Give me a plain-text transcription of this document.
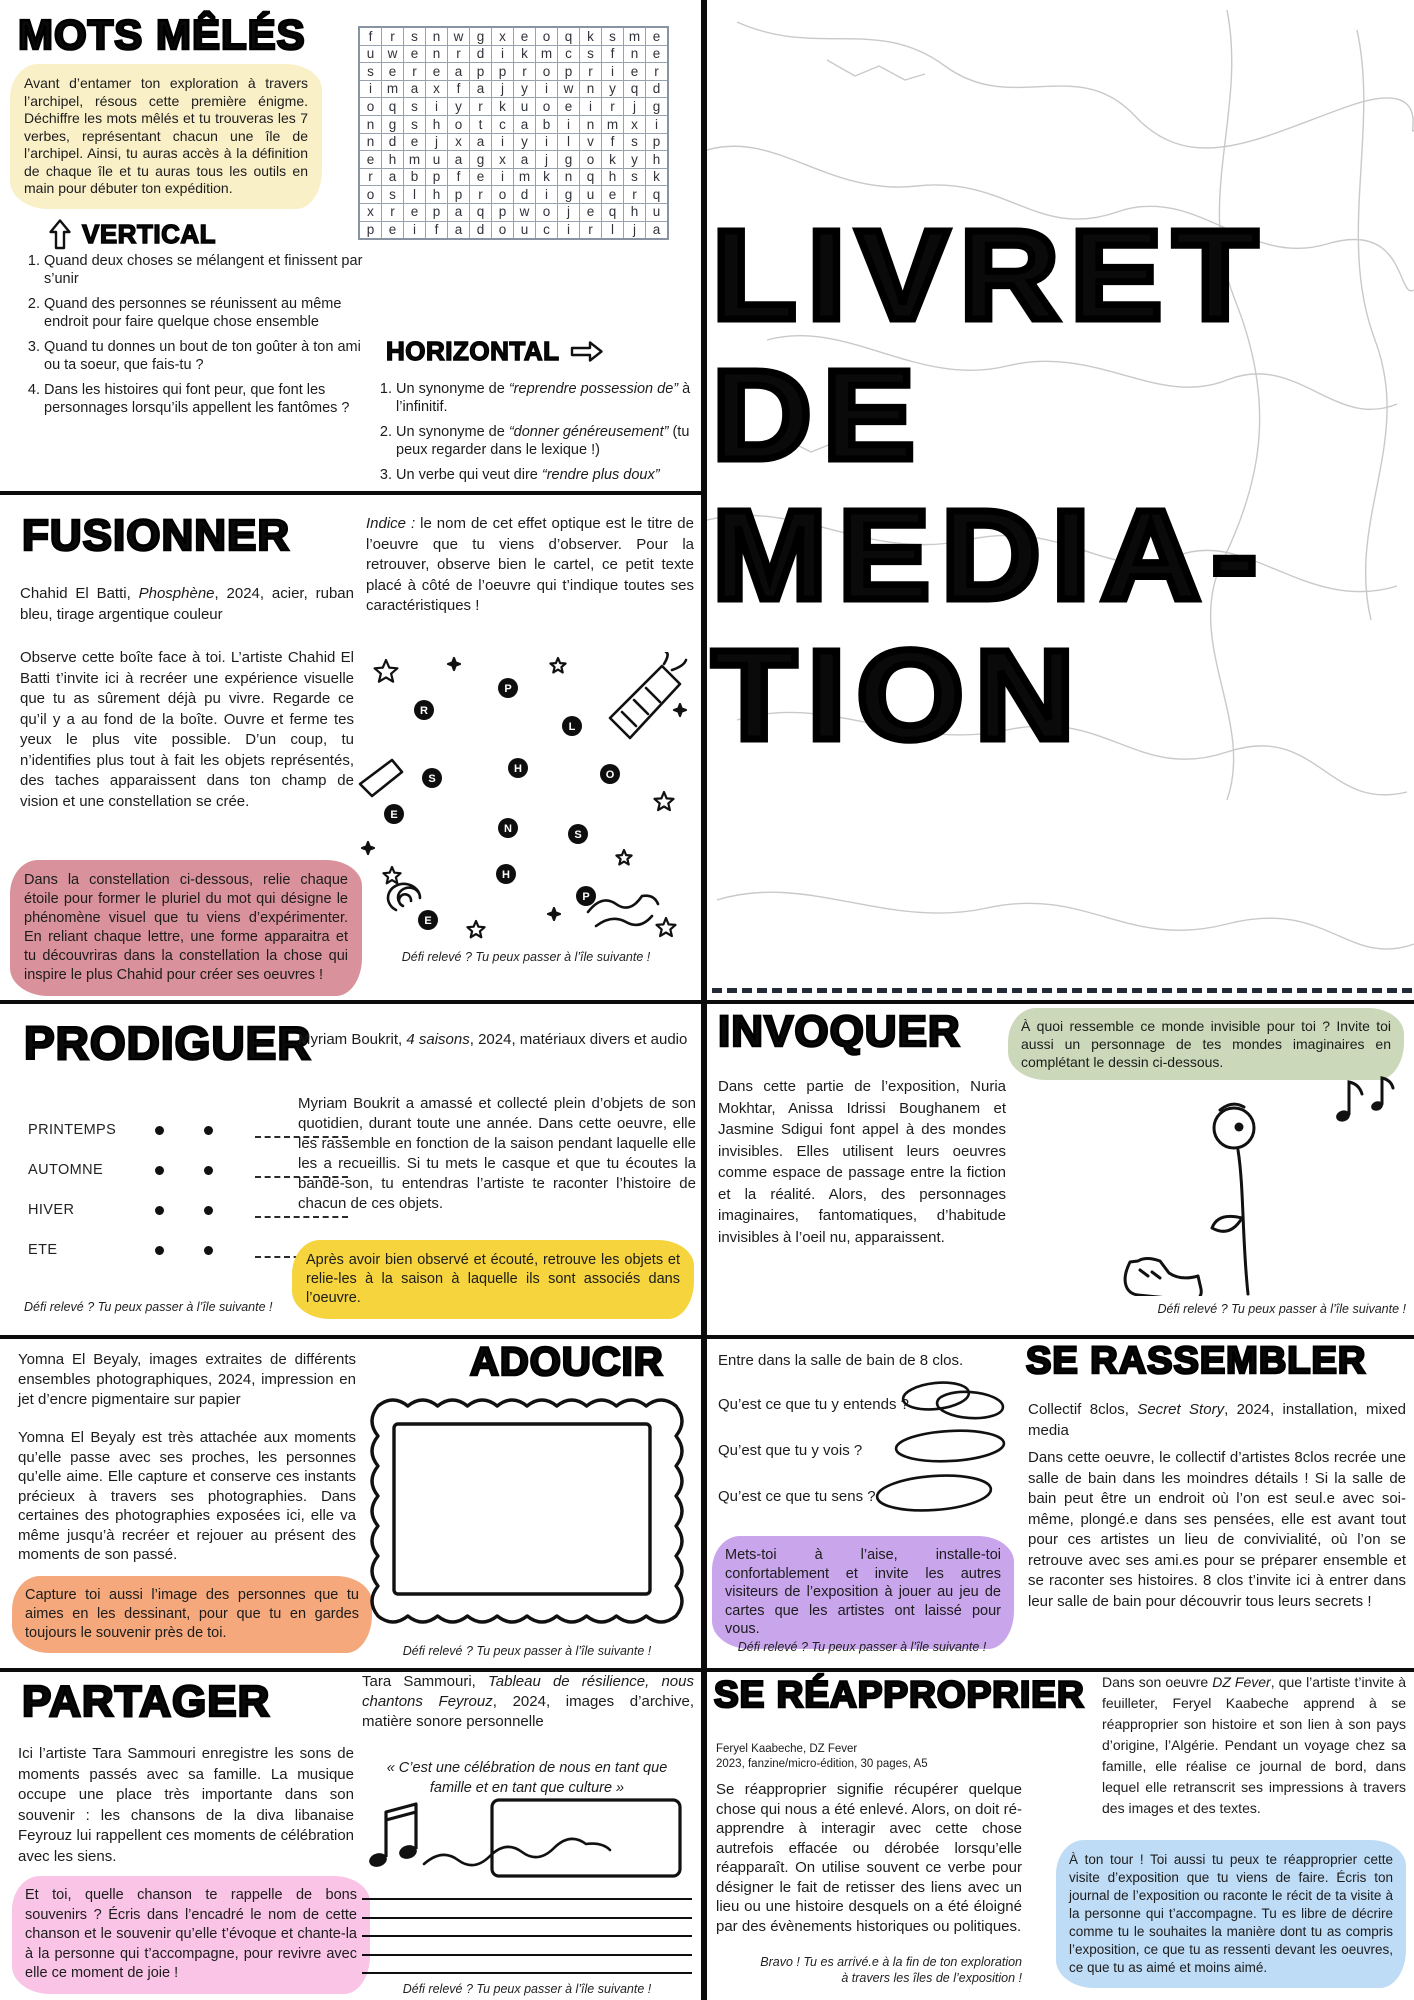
LIVRET
DE
MEDIA-
TION
MOTS MÊLÉS
Avant d’entamer ton exploration à travers l’archipel, résous cette première énigme. Déchiffre les mots mêlés et tu trouveras les 7 verbes, représentant chacun une île de l’archipel. Ainsi, tu auras accès à la définition de chaque île et tu auras tous les outils en main pour débuter ton expédition.
VERTICAL
1. Quand deux choses se mélangent et finissent par s’unir
2. Quand des personnes se réunissent au même endroit pour faire quelque chose ensemble
3. Quand tu donnes un bout de ton goûter à ton ami ou ta soeur, que fais-tu ?
4. Dans les histoires qui font peur, que font les personnages lorsqu’ils appellent les fantômes ?
f	r	s	n	w	g	x	e	o	q	k	s	m	e
u	w	e	n	r	d	i	k	m	c	s	f	n	e
s	e	r	e	a	p	p	r	o	p	r	i	e	r
i	m	a	x	f	a	j	y	i	w	n	y	q	d
o	q	s	i	y	r	k	u	o	e	i	r	j	g
n	g	s	h	o	t	c	a	b	i	n	m	x	i
n	d	e	j	x	a	i	y	i	l	v	f	s	p
e	h	m	u	a	g	x	a	j	g	o	k	y	h
r	a	b	p	f	e	i	m	k	n	q	h	s	k
o	s	l	h	p	r	o	d	i	g	u	e	r	q
x	r	e	p	a	q	p	w	o	j	e	q	h	u
p	e	i	f	a	d	o	u	c	i	r	l	j	a
HORIZONTAL
1. Un synonyme de “reprendre possession de” à l’infinitif.
2. Un synonyme de “donner généreusement” (tu peux regarder dans le lexique !)
3. Un verbe qui veut dire “rendre plus doux”
FUSIONNER
Chahid El Batti, Phosphène, 2024, acier, ruban bleu, tirage argentique couleur
Observe cette boîte face à toi. L’artiste Chahid El Batti t’invite ici à recréer une expérience visuelle que tu as sûrement déjà pu vivre. Regarde ce qu’il y a au fond de la boîte. Ouvre et ferme tes yeux le plus vite possible. D’un coup, tu n’identifies plus tout à fait les objets représentés, des taches apparaissent dans ton champ de vision et une constellation se crée.
Dans la constellation ci-dessous, relie chaque étoile pour former le pluriel du mot qui désigne le phénomène visuel que tu viens d’expérimenter. En reliant chaque lettre, une forme apparaitra et tu découvriras dans la constellation la chose qui inspire le plus Chahid pour créer ses oeuvres !
Indice : le nom de cet effet optique est le titre de l’oeuvre que tu viens d’observer. Pour la retrouver, observe bien le cartel, ce petit texte placé à côté de l’oeuvre qui t’indique toutes ses caractéristiques !
R
P
L
S
H	O
E
N	S
H
P
E
Défi relevé ? Tu peux passer à l’île suivante !
PRODIGUER
PRINTEMPS
AUTOMNE
HIVER
ETE
Défi relevé ? Tu peux passer à l’île suivante !
Myriam Boukrit, 4 saisons, 2024, matériaux divers et audio
Myriam Boukrit a amassé et collecté plein d’objets de son quotidien, durant toute une année. Dans cette oeuvre, elle les rassemble en fonction de la saison pendant laquelle elle les a recueillis. Si tu mets le casque et que tu écoutes la bande-son, tu entendras l’artiste te raconter l’histoire de chacun de ces objets.
Après avoir bien observé et écouté, retrouve les objets et relie-les à la saison à laquelle ils sont associés dans l’oeuvre.
INVOQUER
Dans cette partie de l’exposition, Nuria Mokhtar, Anissa Idrissi Boughanem et Jasmine Sdigui font appel à des mondes invisibles. Elles utilisent leurs oeuvres comme espace de passage entre la fiction et la réalité. Alors, des personnages imaginaires, fantomatiques, d’habitude invisibles à l’oeil nu, apparaissent.
À quoi ressemble ce monde invisible pour toi ? Invite toi aussi un personnage de tes mondes imaginaires en complétant le dessin ci-dessous.
Défi relevé ? Tu peux passer à l’île suivante !
Yomna El Beyaly, images extraites de différents ensembles photographiques, 2024, impression en jet d’encre pigmentaire sur papier
Yomna El Beyaly est très attachée aux moments qu’elle passe avec ses proches, les personnes qu’elle aime. Elle capture et conserve ces instants précieux à travers ses photographies. Dans certaines des photographies exposées ici, elle va même jusqu’à recréer et rejouer au présent des moments de son passé.
Capture toi aussi l’image des personnes que tu aimes en les dessinant, pour que tu en gardes toujours le souvenir près de toi.
ADOUCIR
Défi relevé ? Tu peux passer à l’île suivante !
Entre dans la salle de bain de 8 clos.
Qu’est ce que tu y entends ?
Qu’est que tu y vois ?
Qu’est ce que tu sens ?
Mets-toi à l’aise, installe-toi confortablement et invite les autres visiteurs de l’exposition à jouer au jeu de cartes que les artistes ont laissé pour vous.
Défi relevé ? Tu peux passer à l’île suivante !
SE RASSEMBLER
Collectif 8clos, Secret Story, 2024, installation, mixed media
Dans cette oeuvre, le collectif d’artistes 8clos recrée une salle de bain dans les moindres détails ! Si la salle de bain peut être un endroit où l’on est seul.e avec soi-même, plongé.e dans ses pensées, elle est avant tout pour ces artistes un lieu de convivialité, où l’on se retrouve avec ses ami.es pour se préparer ensemble et se raconter ses histoires. 8 clos t’invite ici à entrer dans leur salle de bain pour découvrir tous leurs secrets !
PARTAGER
Ici l’artiste Tara Sammouri enregistre les sons de moments passés avec sa famille. La musique occupe une place très importante dans son souvenir : les chansons de la diva libanaise Feyrouz lui rappellent ces moments de célébration avec les siens.
Et toi, quelle chanson te rappelle de bons souvenirs ? Écris dans l’encadré le nom de cette chanson et le souvenir qu’elle t’évoque et chante-la à la personne qui t’accompagne, pour revivre avec elle ce moment de joie !
Tara Sammouri, Tableau de résilience, nous chantons Feyrouz, 2024, images d’archive, matière sonore personnelle
« C’est une célébration de nous en tant que famille et en tant que culture »
Défi relevé ? Tu peux passer à l’île suivante !
SE RÉAPPROPRIER Dans son oeuvre DZ Fever, que l’artiste t’invite à feuilleter, Feryel Kaabeche apprend à se réapproprier son histoire et son lien à son pays d’origine, l’Algérie. Pendant un voyage chez sa famille, elle réalise ce journal de bord, dans lequel elle retranscrit ses impressions à travers des images et des textes.
Feryel Kaabeche, DZ Fever
2023, fanzine/micro-édition, 30 pages, A5
Se réapproprier signifie récupérer quelque chose qui nous a été enlevé. Alors, on doit ré-apprendre à interagir avec cette chose autrefois effacée ou dérobée lorsqu’elle réapparaît. On utilise souvent ce verbe pour désigner le fait de retisser des liens avec un lieu ou une histoire desquels on a été éloigné par des évènements historiques ou politiques.
Bravo ! Tu es arrivé.e à la fin de ton exploration à travers les îles de l’exposition !
À ton tour ! Toi aussi tu peux te réapproprier cette visite d’exposition que tu viens de faire. Écris ton journal de l’exposition ou raconte le récit de ta visite à la personne qui t’accompagne. Tu es libre de décrire comme tu le souhaites la manière dont tu as compris l’exposition, ce que tu as ressenti devant les oeuvres, ce que tu as aimé et moins aimé.
